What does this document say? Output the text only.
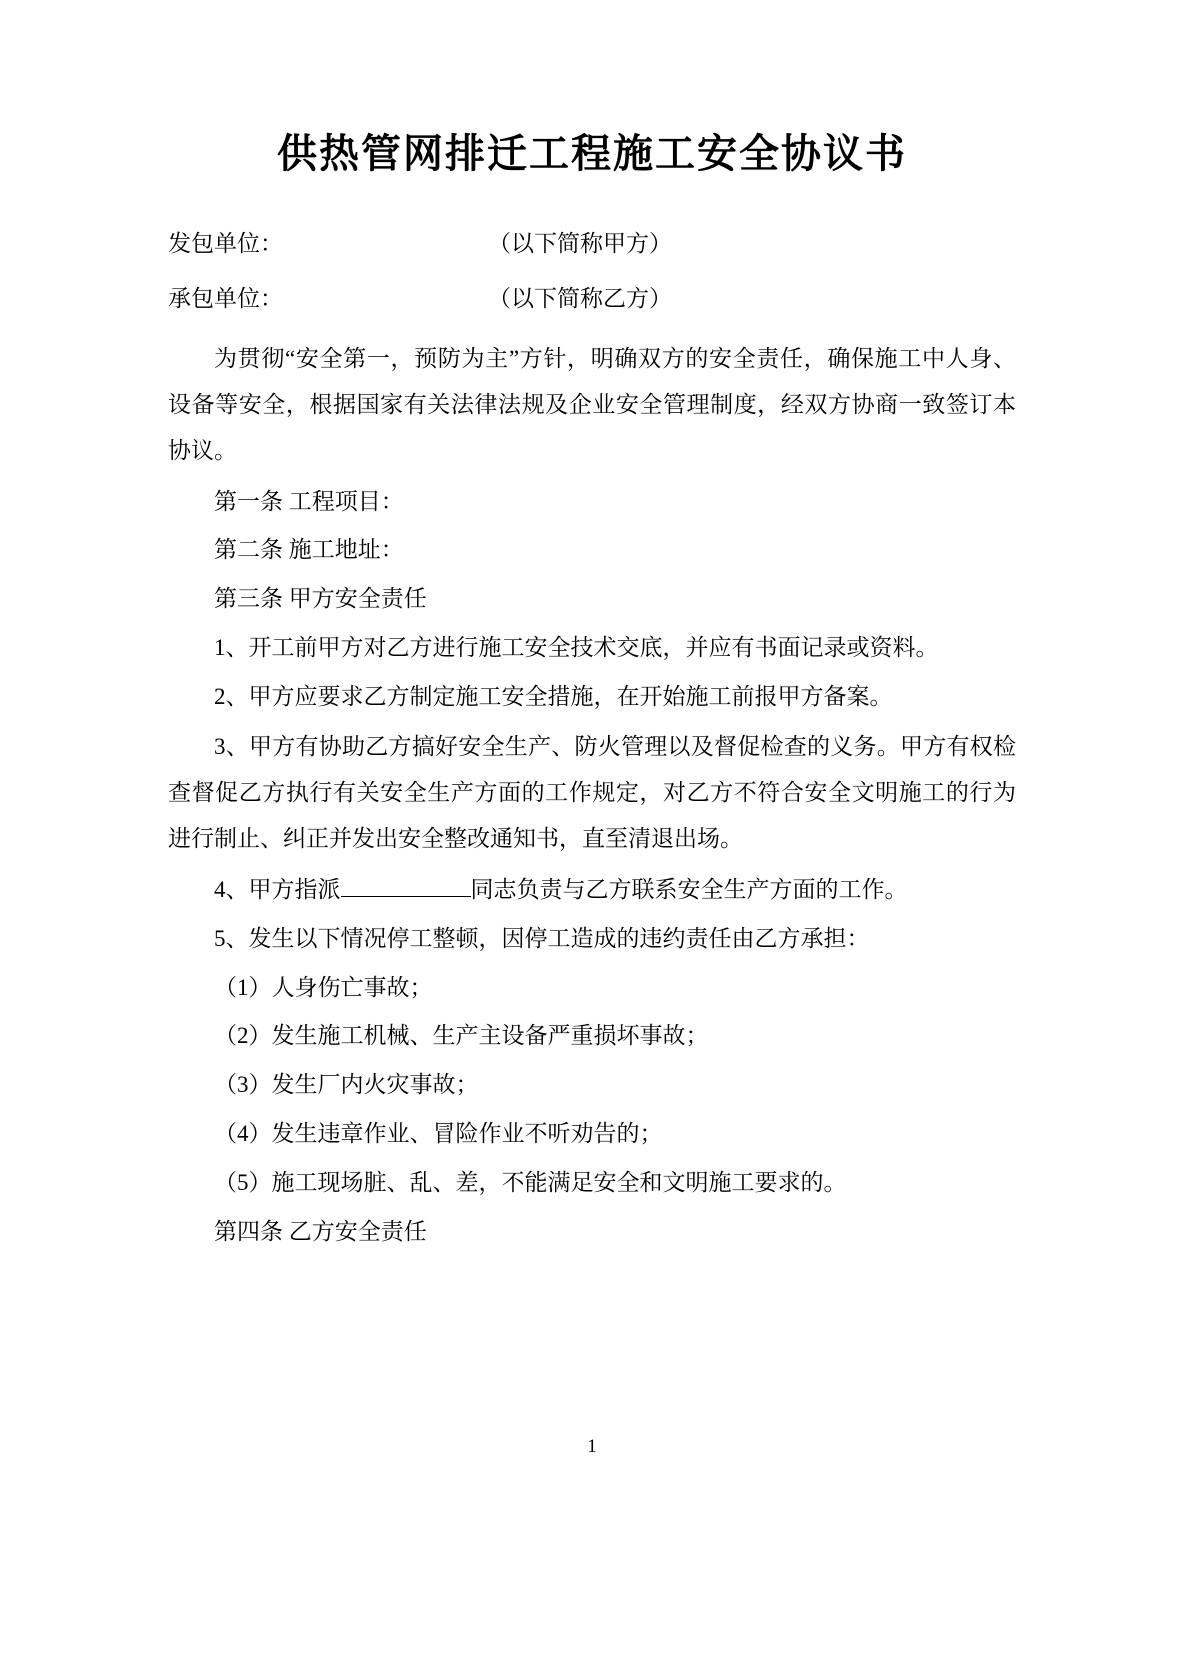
供热管网排迁工程施工安全协议书
发包单位：	（以下简称甲方）
承包单位：	（以下简称乙方）

为贯彻“安全第一，预防为主”方针，明确双方的安全责任，确保施工中人身、设备等安全，根据国家有关法律法规及企业安全管理制度，经双方协商一致签订本协议。

第一条 工程项目：

第二条 施工地址：

第三条 甲方安全责任

1、开工前甲方对乙方进行施工安全技术交底，并应有书面记录或资料。

2、甲方应要求乙方制定施工安全措施，在开始施工前报甲方备案。

3、甲方有协助乙方搞好安全生产、防火管理以及督促检查的义务。甲方有权检查督促乙方执行有关安全生产方面的工作规定，对乙方不符合安全文明施工的行为进行制止、纠正并发出安全整改通知书，直至清退出场。

4、甲方指派	同志负责与乙方联系安全生产方面的工作。

5、发生以下情况停工整顿，因停工造成的违约责任由乙方承担：

（1）人身伤亡事故；

（2）发生施工机械、生产主设备严重损坏事故；

（3）发生厂内火灾事故；

（4）发生违章作业、冒险作业不听劝告的；

（5）施工现场脏、乱、差，不能满足安全和文明施工要求的。

第四条 乙方安全责任

1
